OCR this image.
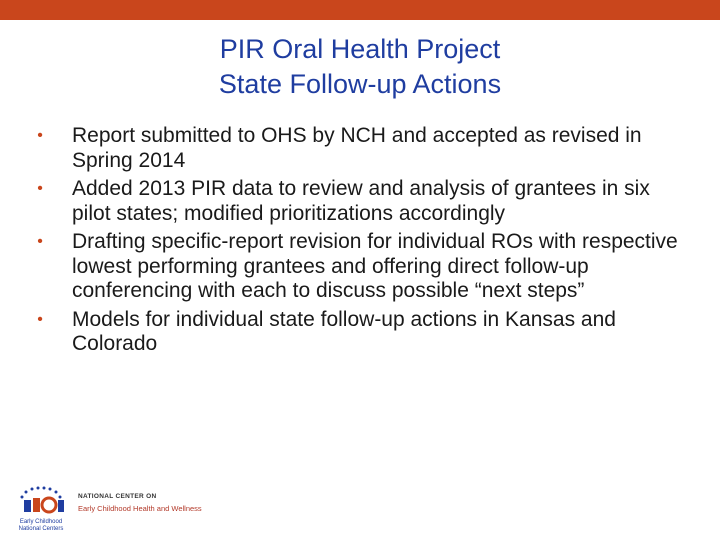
PIR Oral Health Project
State Follow-up Actions
•	Report submitted to OHS by NCH and accepted as revised in Spring 2014
•	Added 2013 PIR data to review and analysis of grantees in six pilot states; modified prioritizations accordingly
•	Drafting specific-report revision for individual ROs with respective lowest performing grantees and offering direct follow-up conferencing with each to discuss possible “next steps”
•	Models for individual state follow-up actions in Kansas and Colorado
Early Childhood
National Centers
NATIONAL CENTER ON
Early Childhood Health and Wellness
